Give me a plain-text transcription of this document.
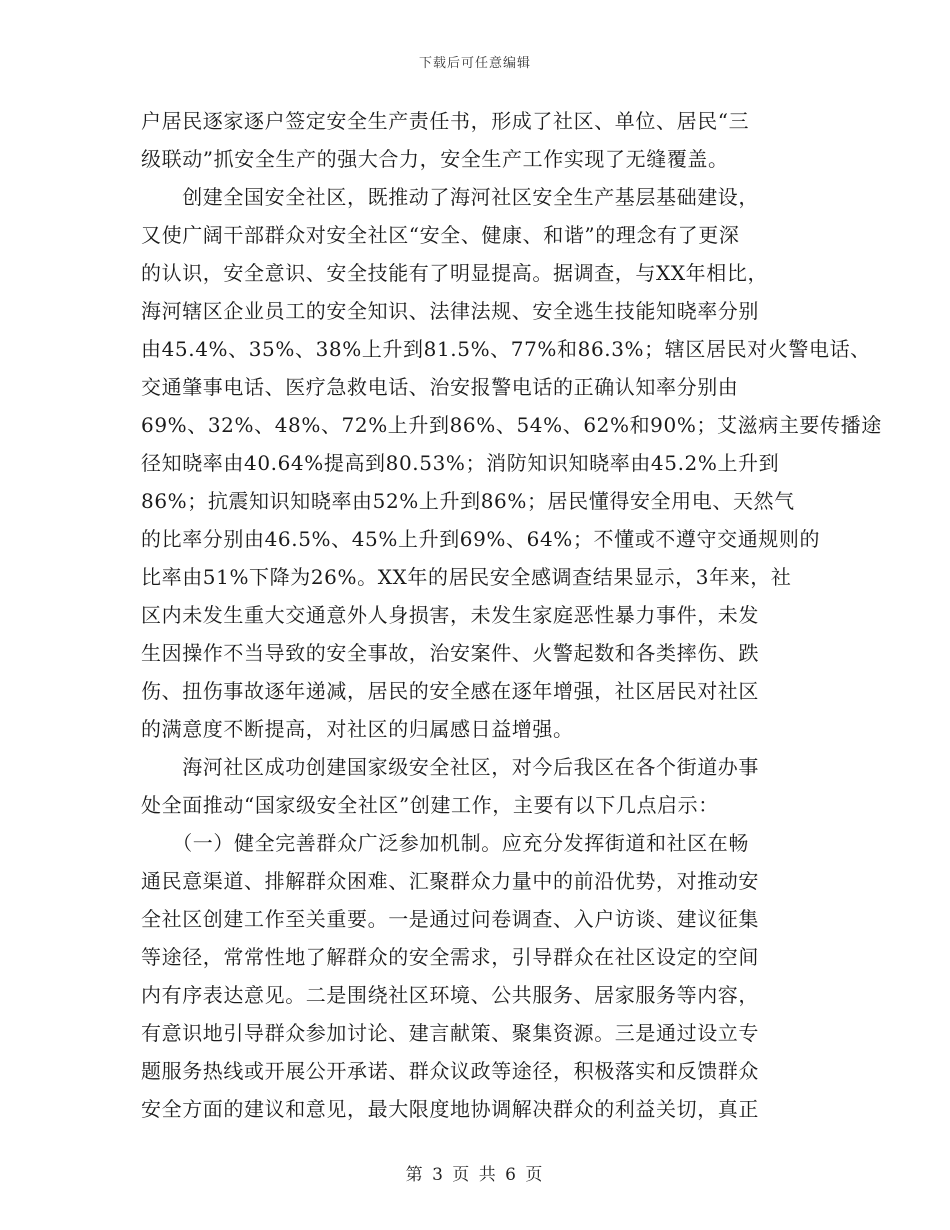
下载后可任意编辑
户居民逐家逐户签定安全生产责任书，形成了社区、单位、居民“三
级联动”抓安全生产的强大合力，安全生产工作实现了无缝覆盖。
　　创建全国安全社区，既推动了海河社区安全生产基层基础建设，
又使广阔干部群众对安全社区“安全、健康、和谐”的理念有了更深
的认识，安全意识、安全技能有了明显提高。据调查，与XX年相比，
海河辖区企业员工的安全知识、法律法规、安全逃生技能知晓率分别
由45.4%、35%、38%上升到81.5%、77%和86.3%；辖区居民对火警电话、
交通肇事电话、医疗急救电话、治安报警电话的正确认知率分别由
69%、32%、48%、72%上升到86%、54%、62%和90%；艾滋病主要传播途
径知晓率由40.64%提高到80.53%；消防知识知晓率由45.2%上升到
86%；抗震知识知晓率由52%上升到86%；居民懂得安全用电、天然气
的比率分别由46.5%、45%上升到69%、64%；不懂或不遵守交通规则的
比率由51%下降为26%。XX年的居民安全感调查结果显示，3年来，社
区内未发生重大交通意外人身损害，未发生家庭恶性暴力事件，未发
生因操作不当导致的安全事故，治安案件、火警起数和各类摔伤、跌
伤、扭伤事故逐年递减，居民的安全感在逐年增强，社区居民对社区
的满意度不断提高，对社区的归属感日益增强。
　　海河社区成功创建国家级安全社区，对今后我区在各个街道办事
处全面推动“国家级安全社区”创建工作，主要有以下几点启示：
　　（一）健全完善群众广泛参加机制。应充分发挥街道和社区在畅
通民意渠道、排解群众困难、汇聚群众力量中的前沿优势，对推动安
全社区创建工作至关重要。一是通过问卷调查、入户访谈、建议征集
等途径，常常性地了解群众的安全需求，引导群众在社区设定的空间
内有序表达意见。二是围绕社区环境、公共服务、居家服务等内容，
有意识地引导群众参加讨论、建言献策、聚集资源。三是通过设立专
题服务热线或开展公开承诺、群众议政等途径，积极落实和反馈群众
安全方面的建议和意见，最大限度地协调解决群众的利益关切，真正
第 3 页 共 6 页
